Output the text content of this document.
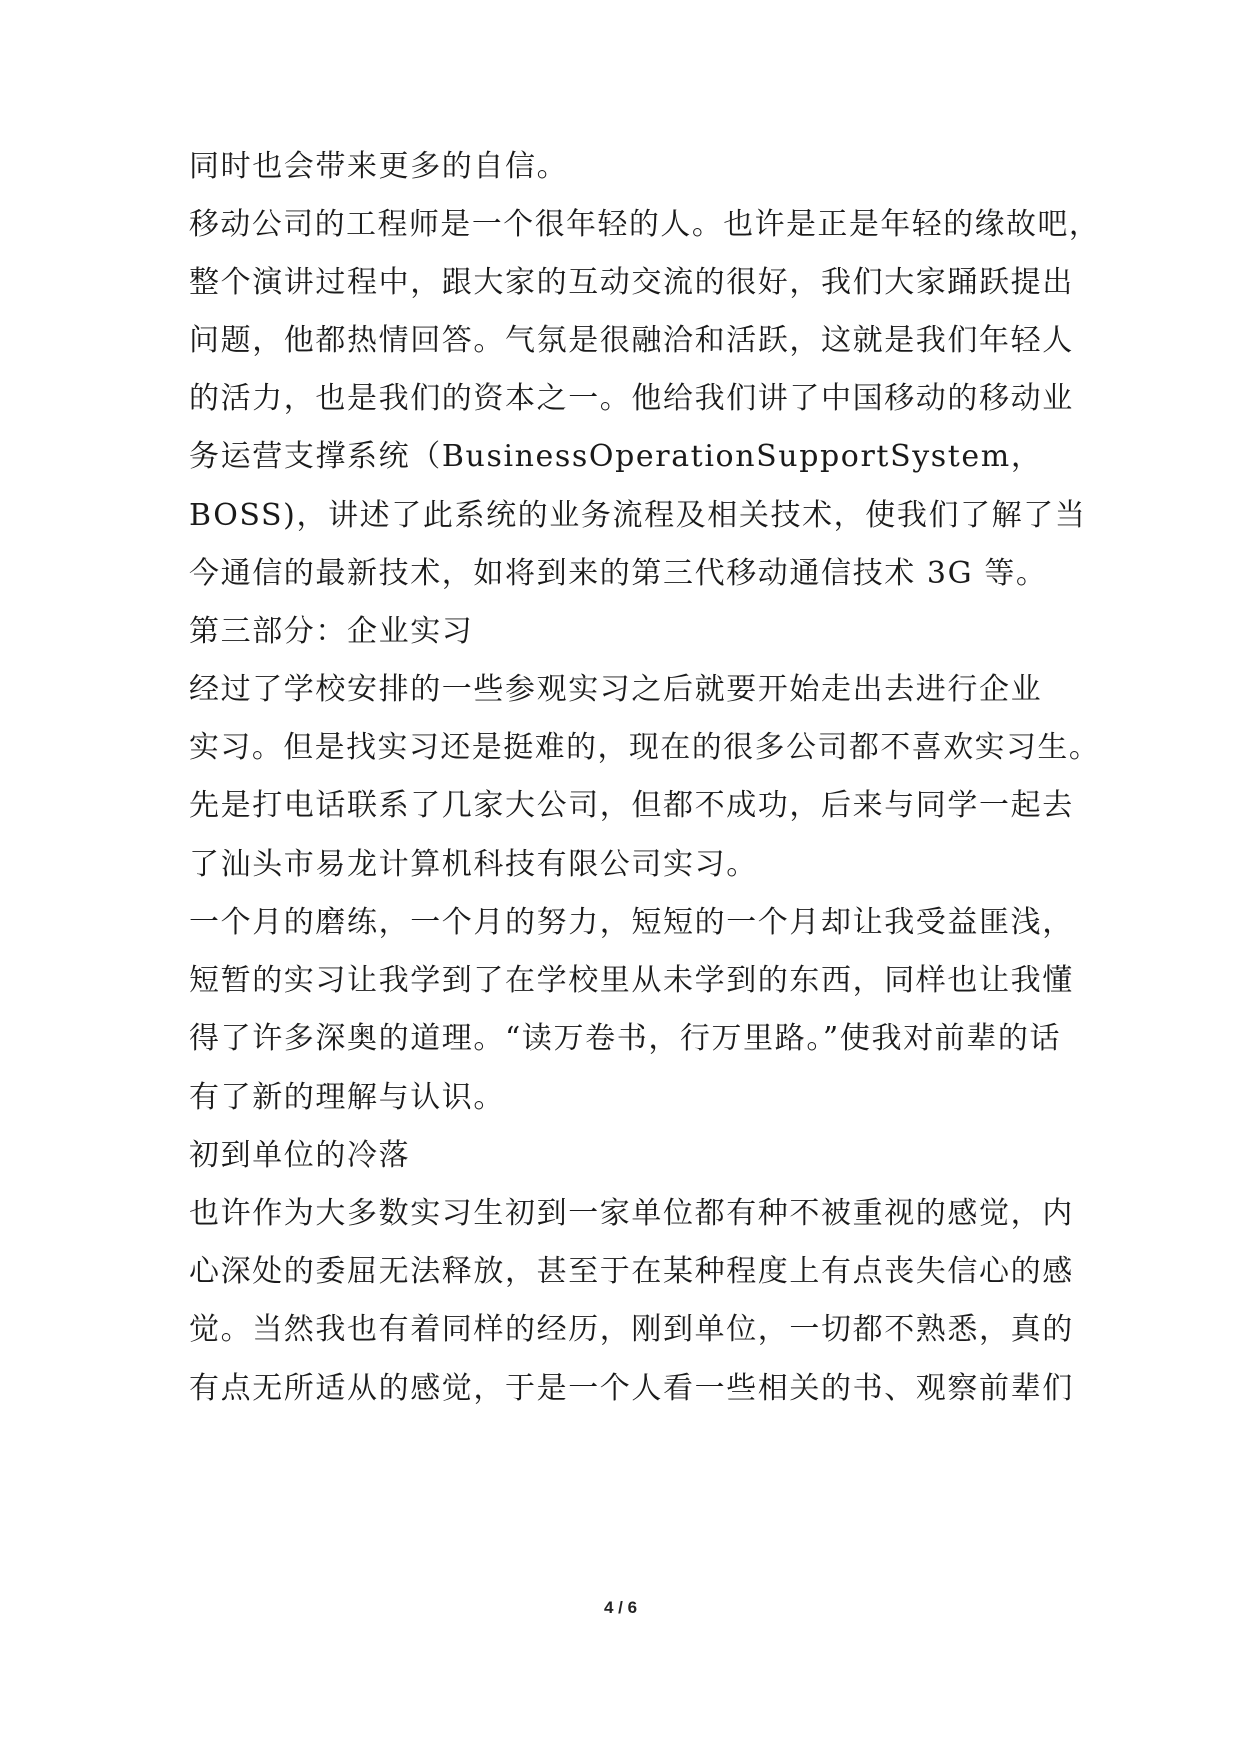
同时也会带来更多的自信。
移动公司的工程师是一个很年轻的人。也许是正是年轻的缘故吧，
整个演讲过程中，跟大家的互动交流的很好，我们大家踊跃提出
问题，他都热情回答。气氛是很融洽和活跃，这就是我们年轻人
的活力，也是我们的资本之一。他给我们讲了中国移动的移动业
务 运 营 支 撑 系 统 （ Business Operation Support System ，
BOSS)，讲述了此系统的业务流程及相关技术，使我们了解了当
今通信的最新技术，如将到来的第三代移动通信技术 3G 等。
第三部分：企业实习
经过了学校安排的一些参观实习之后就要开始走出去进行企业
实习。但是找实习还是挺难的，现在的很多公司都不喜欢实习生。
先是打电话联系了几家大公司，但都不成功，后来与同学一起去
了汕头市易龙计算机科技有限公司实习。
一个月的磨练，一个月的努力，短短的一个月却让我受益匪浅，
短暂的实习让我学到了在学校里从未学到的东西，同样也让我懂
得了许多深奥的道理。“读万卷书，行万里路。”使我对前辈的话
有了新的理解与认识。
初到单位的冷落
也许作为大多数实习生初到一家单位都有种不被重视的感觉，内
心深处的委屈无法释放，甚至于在某种程度上有点丧失信心的感
觉。当然我也有着同样的经历，刚到单位，一切都不熟悉，真的
有点无所适从的感觉，于是一个人看一些相关的书、观察前辈们
4 / 6
